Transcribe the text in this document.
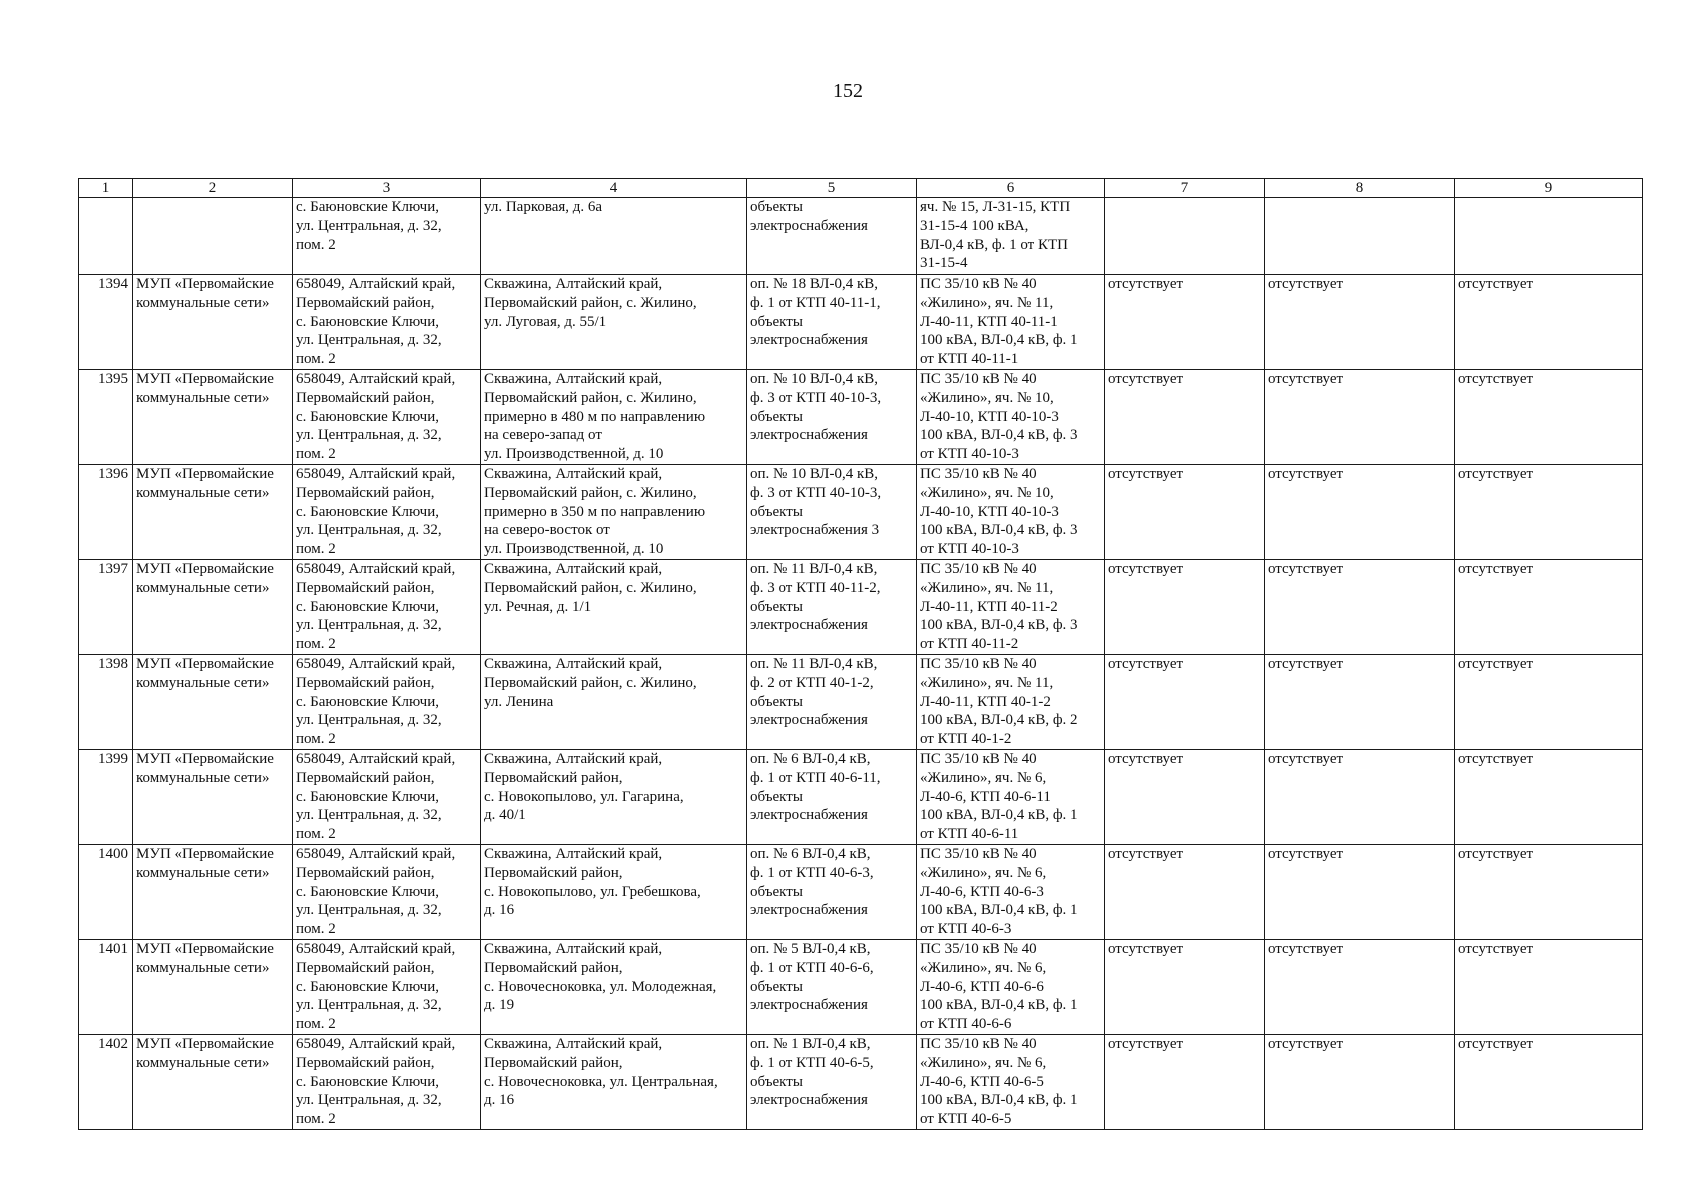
152
1	2	3	4	5	6	7	8	9
		с. Баюновские Ключи,
ул. Центральная, д. 32,
пом. 2	ул. Парковая, д. 6а	объекты
электроснабжения	яч. № 15, Л-31-15, КТП
31-15-4 100 кВА,
ВЛ-0,4 кВ, ф. 1 от КТП
31-15-4			
1394	МУП «Первомайские
коммунальные сети»	658049, Алтайский край,
Первомайский район,
с. Баюновские Ключи,
ул. Центральная, д. 32,
пом. 2	Скважина, Алтайский край,
Первомайский район, с. Жилино,
ул. Луговая, д. 55/1	оп. № 18 ВЛ-0,4 кВ,
ф. 1 от КТП 40-11-1,
объекты
электроснабжения	ПС 35/10 кВ № 40
«Жилино», яч. № 11,
Л-40-11, КТП 40-11-1
100 кВА, ВЛ-0,4 кВ, ф. 1
от КТП 40-11-1	отсутствует	отсутствует	отсутствует
1395	МУП «Первомайские
коммунальные сети»	658049, Алтайский край,
Первомайский район,
с. Баюновские Ключи,
ул. Центральная, д. 32,
пом. 2	Скважина, Алтайский край,
Первомайский район, с. Жилино,
примерно в 480 м по направлению
на северо-запад от
ул. Производственной, д. 10	оп. № 10 ВЛ-0,4 кВ,
ф. 3 от КТП 40-10-3,
объекты
электроснабжения	ПС 35/10 кВ № 40
«Жилино», яч. № 10,
Л-40-10, КТП 40-10-3
100 кВА, ВЛ-0,4 кВ, ф. 3
от КТП 40-10-3	отсутствует	отсутствует	отсутствует
1396	МУП «Первомайские
коммунальные сети»	658049, Алтайский край,
Первомайский район,
с. Баюновские Ключи,
ул. Центральная, д. 32,
пом. 2	Скважина, Алтайский край,
Первомайский район, с. Жилино,
примерно в 350 м по направлению
на северо-восток от
ул. Производственной, д. 10	оп. № 10 ВЛ-0,4 кВ,
ф. 3 от КТП 40-10-3,
объекты
электроснабжения 3	ПС 35/10 кВ № 40
«Жилино», яч. № 10,
Л-40-10, КТП 40-10-3
100 кВА, ВЛ-0,4 кВ, ф. 3
от КТП 40-10-3	отсутствует	отсутствует	отсутствует
1397	МУП «Первомайские
коммунальные сети»	658049, Алтайский край,
Первомайский район,
с. Баюновские Ключи,
ул. Центральная, д. 32,
пом. 2	Скважина, Алтайский край,
Первомайский район, с. Жилино,
ул. Речная, д. 1/1	оп. № 11 ВЛ-0,4 кВ,
ф. 3 от КТП 40-11-2,
объекты
электроснабжения	ПС 35/10 кВ № 40
«Жилино», яч. № 11,
Л-40-11, КТП 40-11-2
100 кВА, ВЛ-0,4 кВ, ф. 3
от КТП 40-11-2	отсутствует	отсутствует	отсутствует
1398	МУП «Первомайские
коммунальные сети»	658049, Алтайский край,
Первомайский район,
с. Баюновские Ключи,
ул. Центральная, д. 32,
пом. 2	Скважина, Алтайский край,
Первомайский район, с. Жилино,
ул. Ленина	оп. № 11 ВЛ-0,4 кВ,
ф. 2 от КТП 40-1-2,
объекты
электроснабжения	ПС 35/10 кВ № 40
«Жилино», яч. № 11,
Л-40-11, КТП 40-1-2
100 кВА, ВЛ-0,4 кВ, ф. 2
от КТП 40-1-2	отсутствует	отсутствует	отсутствует
1399	МУП «Первомайские
коммунальные сети»	658049, Алтайский край,
Первомайский район,
с. Баюновские Ключи,
ул. Центральная, д. 32,
пом. 2	Скважина, Алтайский край,
Первомайский район,
с. Новокопылово, ул. Гагарина,
д. 40/1	оп. № 6 ВЛ-0,4 кВ,
ф. 1 от КТП 40-6-11,
объекты
электроснабжения	ПС 35/10 кВ № 40
«Жилино», яч. № 6,
Л-40-6, КТП 40-6-11
100 кВА, ВЛ-0,4 кВ, ф. 1
от КТП 40-6-11	отсутствует	отсутствует	отсутствует
1400	МУП «Первомайские
коммунальные сети»	658049, Алтайский край,
Первомайский район,
с. Баюновские Ключи,
ул. Центральная, д. 32,
пом. 2	Скважина, Алтайский край,
Первомайский район,
с. Новокопылово, ул. Гребешкова,
д. 16	оп. № 6 ВЛ-0,4 кВ,
ф. 1 от КТП 40-6-3,
объекты
электроснабжения	ПС 35/10 кВ № 40
«Жилино», яч. № 6,
Л-40-6, КТП 40-6-3
100 кВА, ВЛ-0,4 кВ, ф. 1
от КТП 40-6-3	отсутствует	отсутствует	отсутствует
1401	МУП «Первомайские
коммунальные сети»	658049, Алтайский край,
Первомайский район,
с. Баюновские Ключи,
ул. Центральная, д. 32,
пом. 2	Скважина, Алтайский край,
Первомайский район,
с. Новочесноковка, ул. Молодежная,
д. 19	оп. № 5 ВЛ-0,4 кВ,
ф. 1 от КТП 40-6-6,
объекты
электроснабжения	ПС 35/10 кВ № 40
«Жилино», яч. № 6,
Л-40-6, КТП 40-6-6
100 кВА, ВЛ-0,4 кВ, ф. 1
от КТП 40-6-6	отсутствует	отсутствует	отсутствует
1402	МУП «Первомайские
коммунальные сети»	658049, Алтайский край,
Первомайский район,
с. Баюновские Ключи,
ул. Центральная, д. 32,
пом. 2	Скважина, Алтайский край,
Первомайский район,
с. Новочесноковка, ул. Центральная,
д. 16	оп. № 1 ВЛ-0,4 кВ,
ф. 1 от КТП 40-6-5,
объекты
электроснабжения	ПС 35/10 кВ № 40
«Жилино», яч. № 6,
Л-40-6, КТП 40-6-5
100 кВА, ВЛ-0,4 кВ, ф. 1
от КТП 40-6-5	отсутствует	отсутствует	отсутствует
